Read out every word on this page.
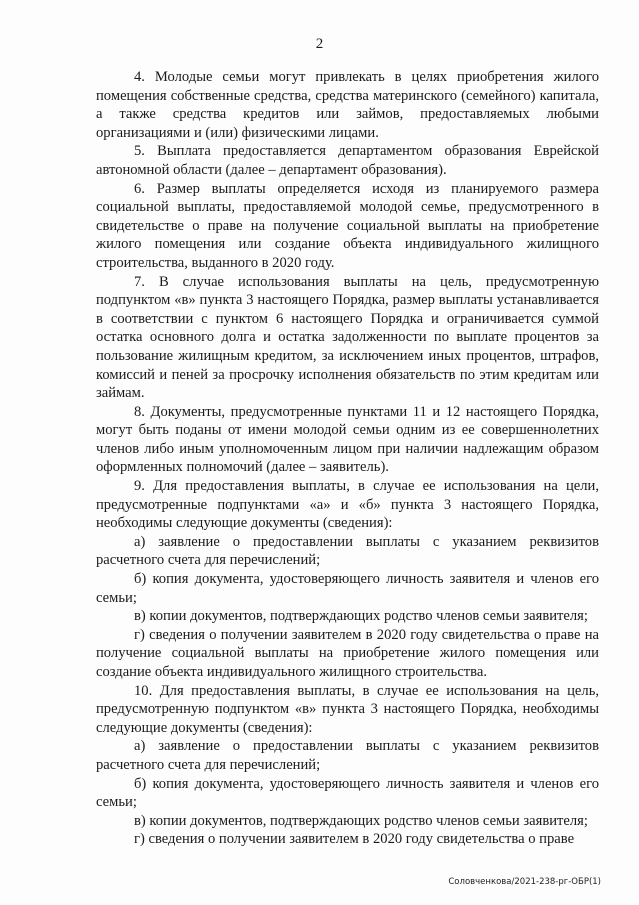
2

4. Молодые семьи могут привлекать в целях приобретения жилого помещения собственные средства, средства материнского (семейного) капитала, а также средства кредитов или займов, предоставляемых любыми организациями и (или) физическими лицами.

5. Выплата предоставляется департаментом образования Еврейской автономной области (далее – департамент образования).

6. Размер выплаты определяется исходя из планируемого размера социальной выплаты, предоставляемой молодой семье, предусмотренного в свидетельстве о праве на получение социальной выплаты на приобретение жилого помещения или создание объекта индивидуального жилищного строительства, выданного в 2020 году.

7. В случае использования выплаты на цель, предусмотренную подпунктом «в» пункта 3 настоящего Порядка, размер выплаты устанавливается в соответствии с пунктом 6 настоящего Порядка и ограничивается суммой остатка основного долга и остатка задолженности по выплате процентов за пользование жилищным кредитом, за исключением иных процентов, штрафов, комиссий и пеней за просрочку исполнения обязательств по этим кредитам или займам.

8. Документы, предусмотренные пунктами 11 и 12 настоящего Порядка, могут быть поданы от имени молодой семьи одним из ее совершеннолетних членов либо иным уполномоченным лицом при наличии надлежащим образом оформленных полномочий (далее – заявитель).

9. Для предоставления выплаты, в случае ее использования на цели, предусмотренные подпунктами «а» и «б» пункта 3 настоящего Порядка, необходимы следующие документы (сведения):

а) заявление о предоставлении выплаты с указанием реквизитов расчетного счета для перечислений;

б) копия документа, удостоверяющего личность заявителя и членов его семьи;

в) копии документов, подтверждающих родство членов семьи заявителя;

г) сведения о получении заявителем в 2020 году свидетельства о праве на получение социальной выплаты на приобретение жилого помещения или создание объекта индивидуального жилищного строительства.

10. Для предоставления выплаты, в случае ее использования на цель, предусмотренную подпунктом «в» пункта 3 настоящего Порядка, необходимы следующие документы (сведения):

а) заявление о предоставлении выплаты с указанием реквизитов расчетного счета для перечислений;

б) копия документа, удостоверяющего личность заявителя и членов его семьи;

в) копии документов, подтверждающих родство членов семьи заявителя;

г) сведения о получении заявителем в 2020 году свидетельства о праве

Соловченкова/2021-238-рг-ОБР(1)
